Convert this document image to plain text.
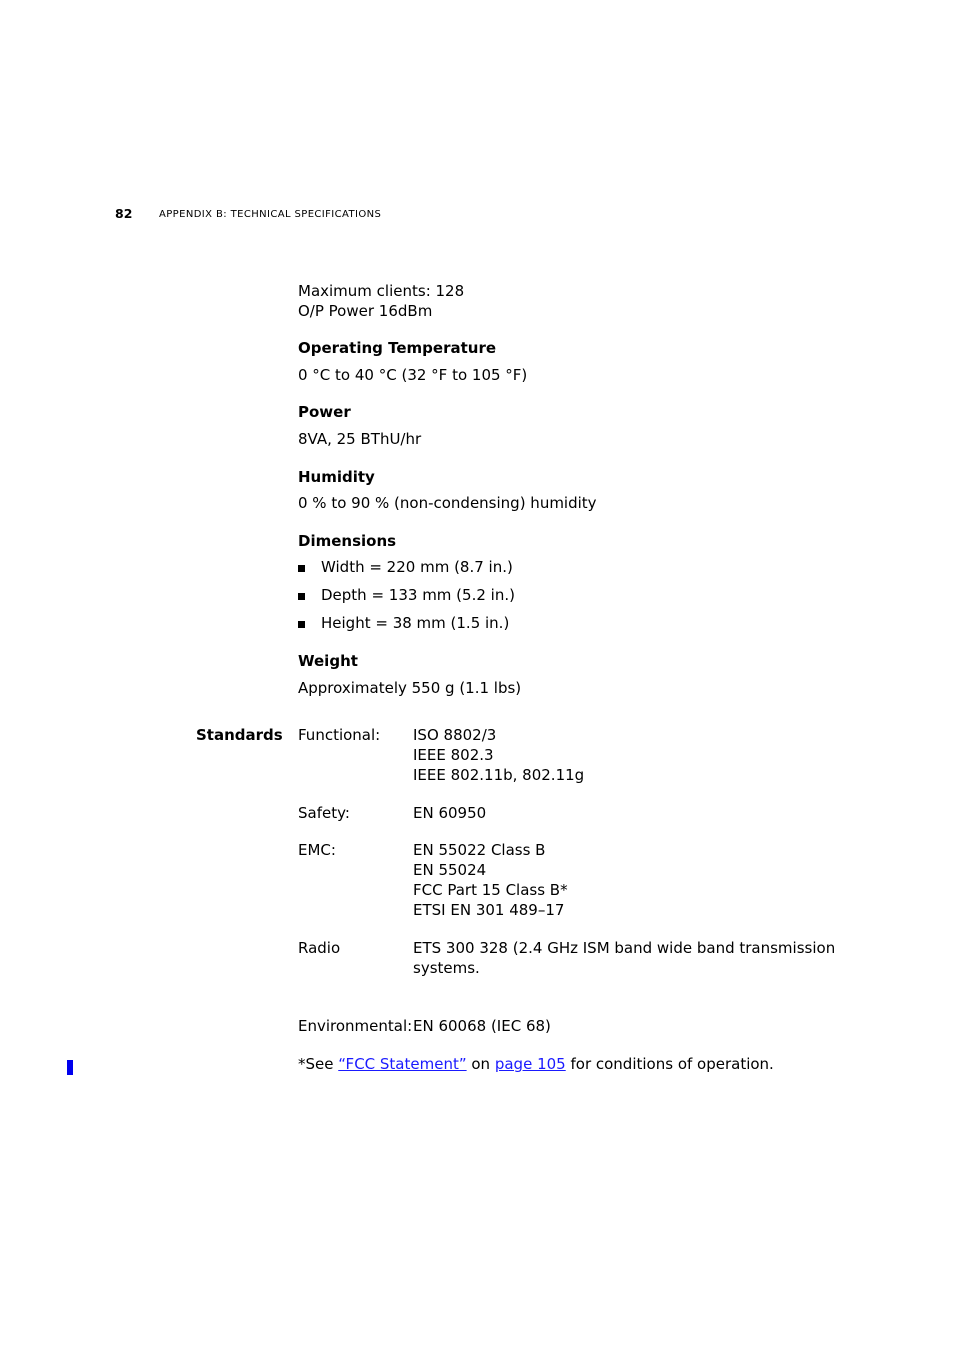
82	APPENDIX B: TECHNICAL SPECIFICATIONS
Maximum clients: 128
O/P Power 16dBm
Operating Temperature
0 °C to 40 °C (32 °F to 105 °F)
Power
8VA, 25 BThU/hr
Humidity
0 % to 90 % (non-condensing) humidity
Dimensions
Width = 220 mm (8.7 in.)
Depth = 133 mm (5.2 in.)
Height = 38 mm (1.5 in.)
Weight
Approximately 550 g (1.1 lbs)
Standards Functional: ISO 8802/3
IEEE 802.3
IEEE 802.11b, 802.11g
Safety:	EN 60950
EMC:	EN 55022 Class B
EN 55024
FCC Part 15 Class B*
ETSI EN 301 489–17
Radio	ETS 300 328 (2.4 GHz ISM band wide band transmission
systems.
Environmental: EN 60068 (IEC 68)
*See “FCC Statement” on page 105 for conditions of operation.
